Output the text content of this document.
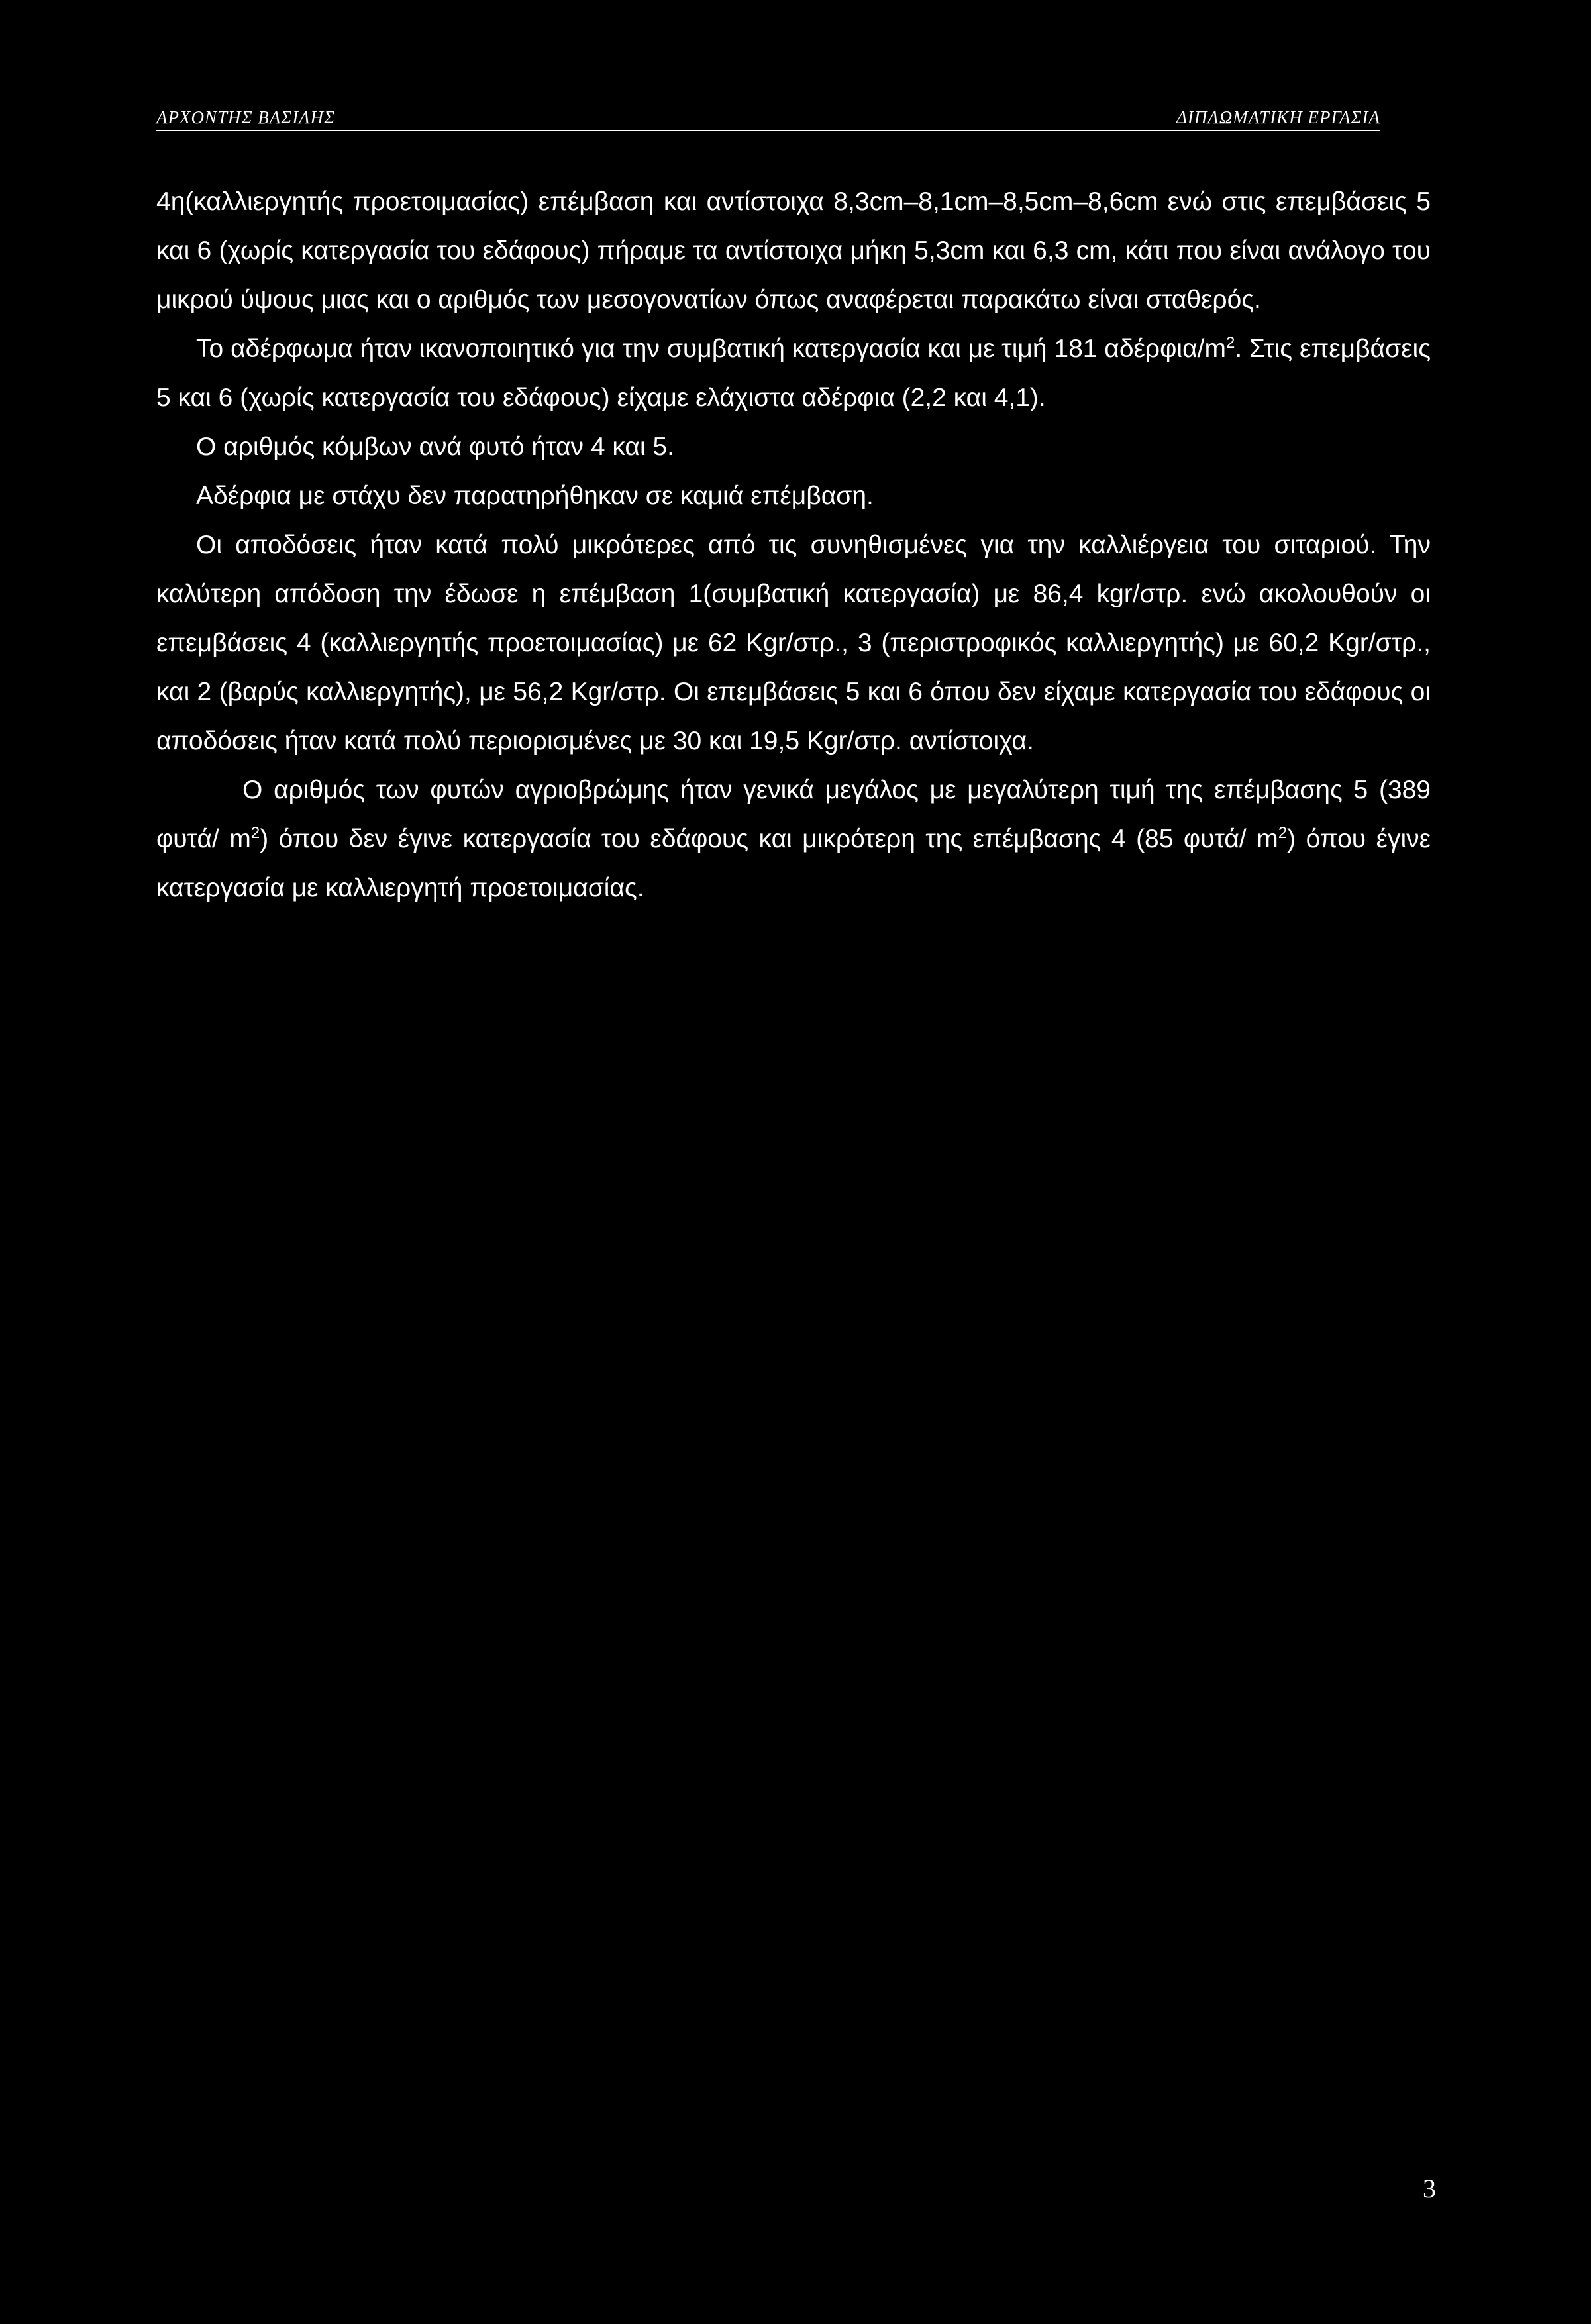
ΑΡΧΟΝΤΗΣ ΒΑΣΙΛΗΣ	ΔΙΠΛΩΜΑΤΙΚΗ ΕΡΓΑΣΙΑ

4η(καλλιεργητής προετοιμασίας) επέμβαση και αντίστοιχα 8,3cm–8,1cm–8,5cm–8,6cm ενώ στις επεμβάσεις 5 και 6 (χωρίς κατεργασία του εδάφους) πήραμε τα αντίστοιχα μήκη 5,3cm και 6,3 cm, κάτι που είναι ανάλογο του μικρού ύψους μιας και ο αριθμός των μεσογονατίων όπως αναφέρεται παρακάτω είναι σταθερός.

Το αδέρφωμα ήταν ικανοποιητικό για την συμβατική κατεργασία και με τιμή 181 αδέρφια/$m^2$. Στις επεμβάσεις 5 και 6 (χωρίς κατεργασία του εδάφους) είχαμε ελάχιστα αδέρφια (2,2 και 4,1).

Ο αριθμός κόμβων ανά φυτό ήταν 4 και 5.

Αδέρφια με στάχυ δεν παρατηρήθηκαν σε καμιά επέμβαση.

Οι αποδόσεις ήταν κατά πολύ μικρότερες από τις συνηθισμένες για την καλλιέργεια του σιταριού. Την καλύτερη απόδοση την έδωσε η επέμβαση 1(συμβατική κατεργασία) με 86,4 kgr/στρ. ενώ ακολουθούν οι επεμβάσεις 4 (καλλιεργητής προετοιμασίας) με 62 Kgr/στρ., 3 (περιστροφικός καλλιεργητής) με 60,2 Kgr/στρ., και 2 (βαρύς καλλιεργητής), με 56,2 Kgr/στρ. Οι επεμβάσεις 5 και 6 όπου δεν είχαμε κατεργασία του εδάφους οι αποδόσεις ήταν κατά πολύ περιορισμένες με 30 και 19,5 Kgr/στρ. αντίστοιχα.

Ο αριθμός των φυτών αγριοβρώμης ήταν γενικά μεγάλος με μεγαλύτερη τιμή της επέμβασης 5 (389 φυτά/ $m^2$) όπου δεν έγινε κατεργασία του εδάφους και μικρότερη της επέμβασης 4 (85 φυτά/ $m^2$) όπου έγινε κατεργασία με καλλιεργητή προετοιμασίας.

3
